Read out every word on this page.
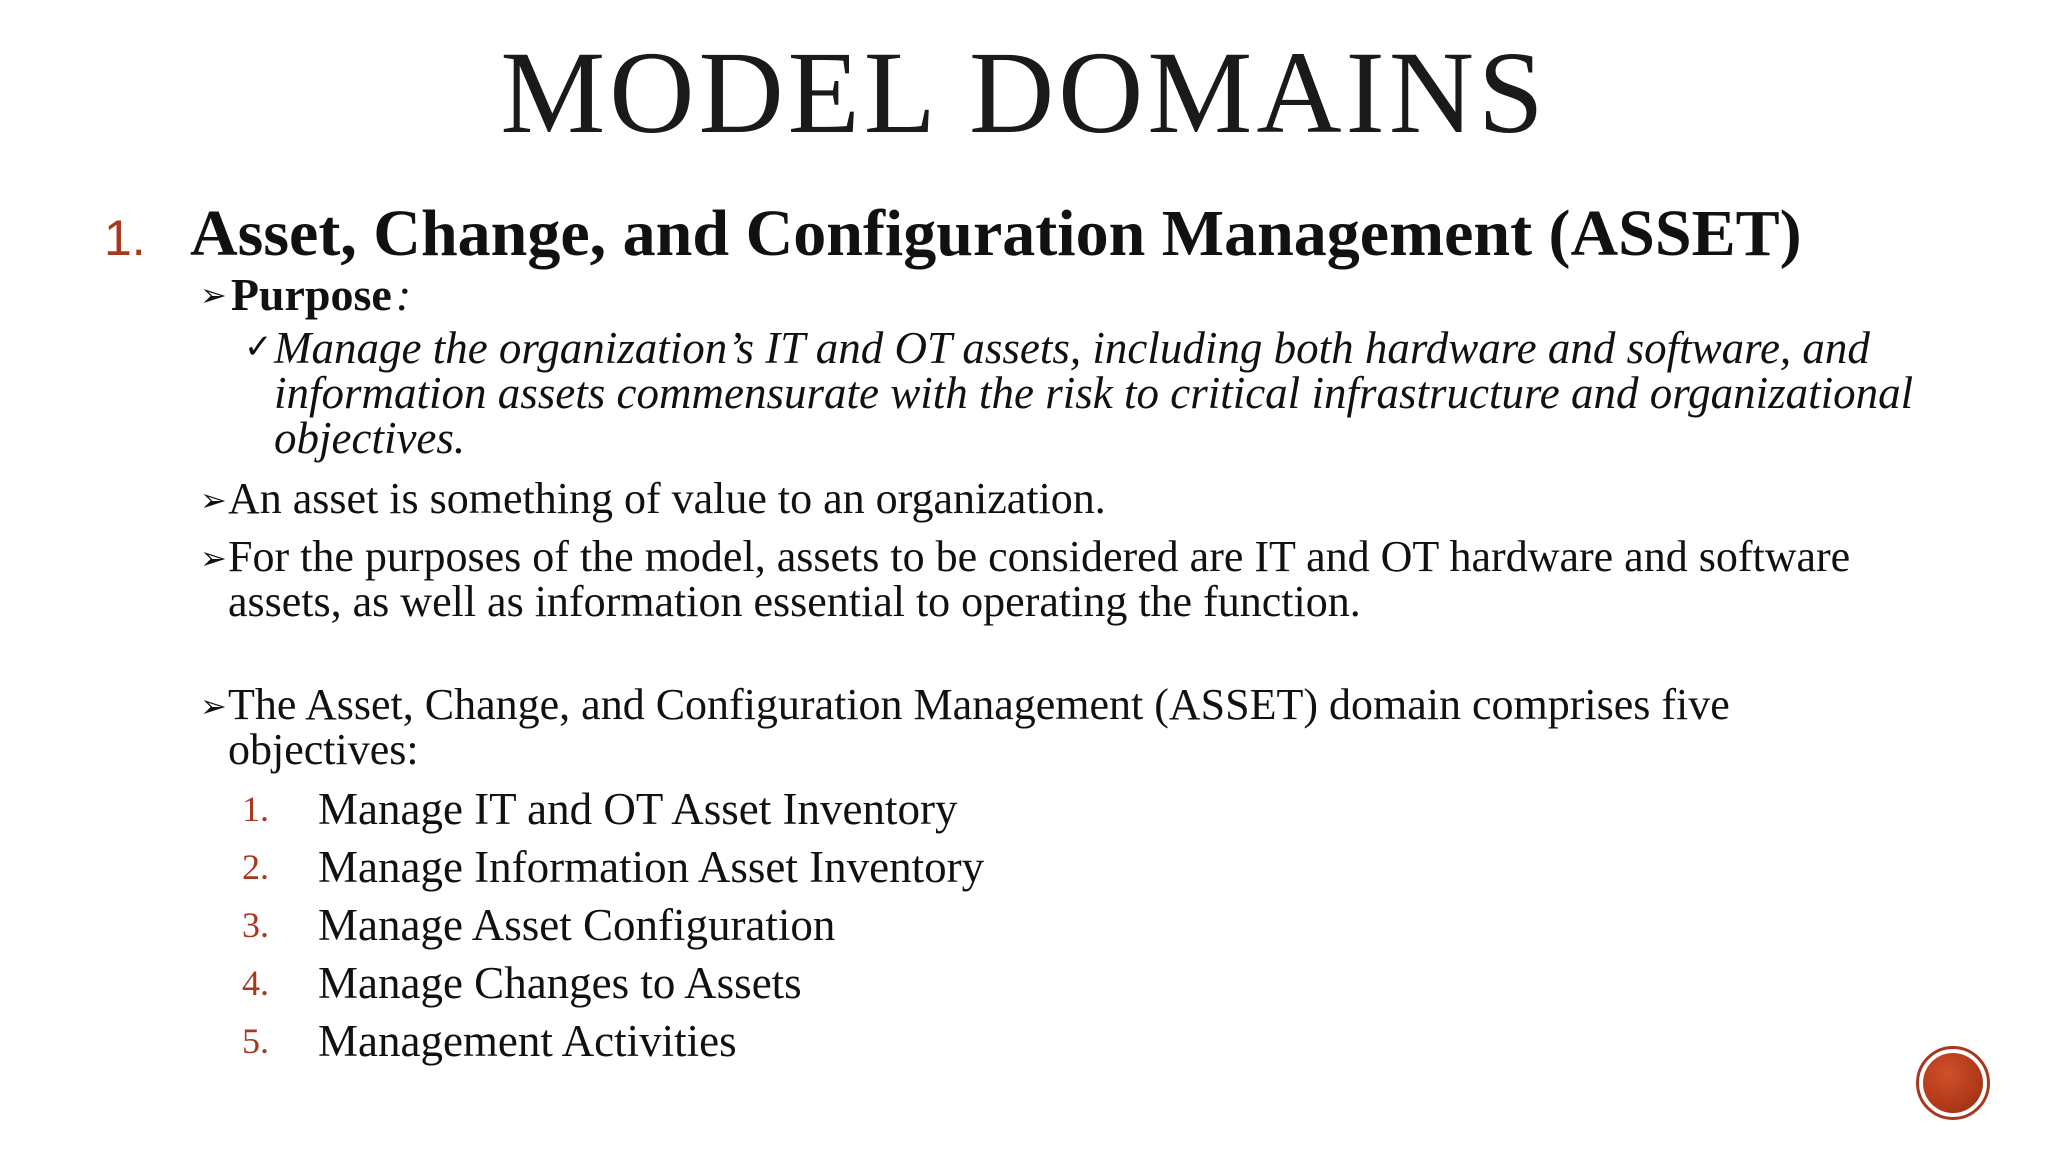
MODEL DOMAINS
1. Asset, Change, and Configuration Management (ASSET)
➢Purpose:
✓ Manage the organization’s IT and OT assets, including both hardware and software, and information assets commensurate with the risk to critical infrastructure and organizational objectives.
➢ An asset is something of value to an organization.
➢ For the purposes of the model, assets to be considered are IT and OT hardware and software assets, as well as information essential to operating the function.
➢ The Asset, Change, and Configuration Management (ASSET) domain comprises five objectives:
1.	Manage IT and OT Asset Inventory
2.	Manage Information Asset Inventory
3.	Manage Asset Configuration
4.	Manage Changes to Assets
5.	Management Activities
